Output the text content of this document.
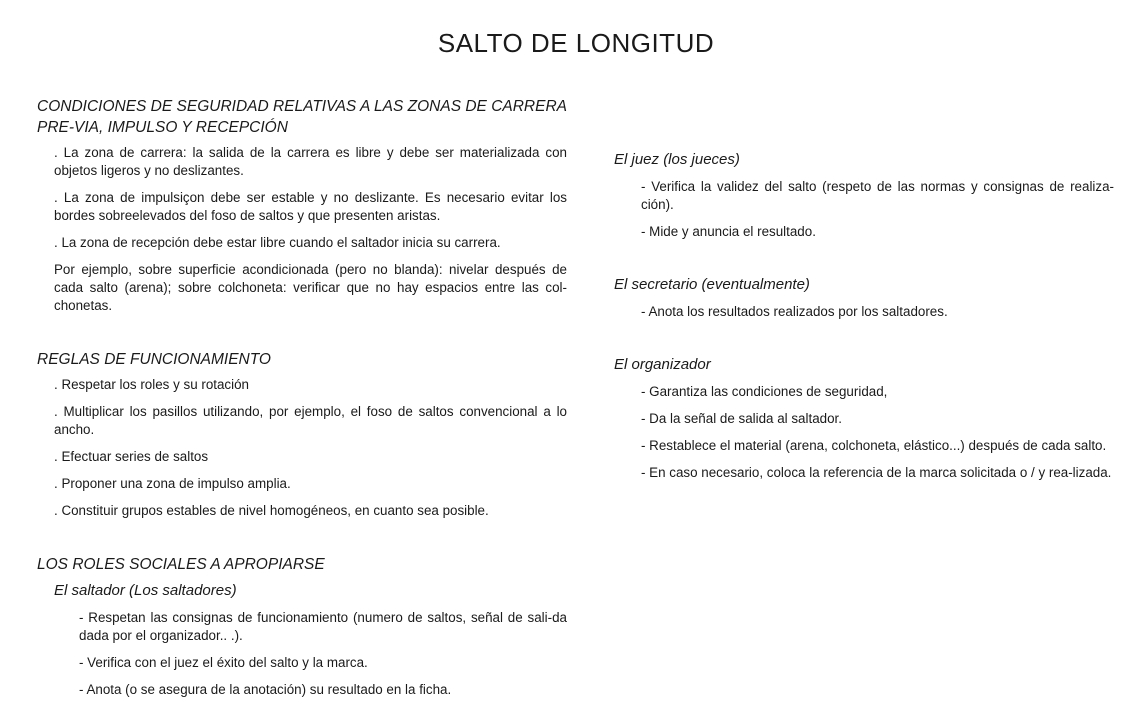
SALTO DE LONGITUD

CONDICIONES DE SEGURIDAD RELATIVAS A LAS ZONAS DE CARRERA PRE-VIA, IMPULSO Y RECEPCIÓN

. La zona de carrera: la salida de la carrera es libre y debe ser materializada con objetos ligeros y no deslizantes.

. La zona de impulsiçon debe ser estable y no deslizante. Es necesario evitar los bordes sobreelevados del foso de saltos y que presenten aristas.

. La zona de recepción debe estar libre cuando el saltador inicia su carrera.

Por ejemplo, sobre superficie acondicionada (pero no blanda): nivelar después de cada salto (arena); sobre colchoneta: verificar que no hay espacios entre las col-chonetas.

REGLAS DE FUNCIONAMIENTO

. Respetar los roles y su rotación

. Multiplicar los pasillos utilizando, por ejemplo, el foso de saltos convencional a lo ancho.

. Efectuar series de saltos

. Proponer una zona de impulso amplia.

. Constituir grupos estables de nivel homogéneos, en cuanto sea posible.

LOS ROLES SOCIALES A APROPIARSE

El saltador (Los saltadores)

- Respetan las consignas de funcionamiento (numero de saltos, señal de sali-da dada por el organizador.. .).

- Verifica con el juez el éxito del salto y la marca.

- Anota (o se asegura de la anotación) su resultado en la ficha.

El juez (los jueces)

- Verifica la validez del salto (respeto de las normas y consignas de realiza-ción).

- Mide y anuncia el resultado.

El secretario (eventualmente)

- Anota los resultados realizados por los saltadores.

El organizador

- Garantiza las condiciones de seguridad,

- Da la señal de salida al saltador.

- Restablece el material (arena, colchoneta, elástico...) después de cada salto.

- En caso necesario, coloca la referencia de la marca solicitada o / y rea-lizada.
